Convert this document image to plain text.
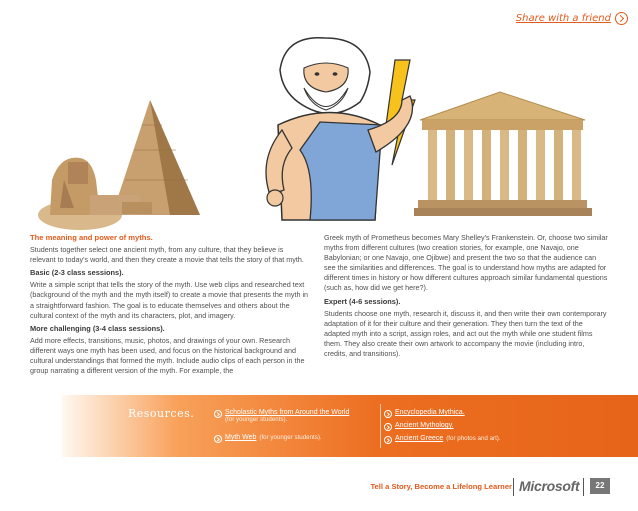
Share with a friend

The meaning and power of myths.

Students together select one ancient myth, from any culture, that they believe is relevant to today's world, and then they create a movie that tells the story of that myth.

Basic (2-3 class sessions).

Write a simple script that tells the story of the myth. Use web clips and researched text (background of the myth and the myth itself) to create a movie that presents the myth in a straightforward fashion. The goal is to educate themselves and others about the cultural context of the myth and its characters, plot, and imagery.

More challenging (3-4 class sessions).

Add more effects, transitions, music, photos, and drawings of your own. Research different ways one myth has been used, and focus on the historical background and cultural understandings that formed the myth. Include audio clips of each person in the group narrating a different version of the myth. For example, the

Greek myth of Prometheus becomes Mary Shelley's Frankenstein. Or, choose two similar myths from different cultures (two creation stories, for example, one Navajo, one Babylonian; or one Navajo, one Ojibwe) and present the two so that the audience can see the similarities and differences. The goal is to understand how myths are adapted for different times in history or how different cultures approach similar fundamental questions (such as, how did we get here?).

Expert (4-6 sessions).

Students choose one myth, research it, discuss it, and then write their own contemporary adaptation of it for their culture and their generation. They then turn the text of the adapted myth into a script, assign roles, and act out the myth while one student films them. They also create their own artwork to accompany the movie (including intro, credits, and transitions).

Resources.	Scholastic Myths from Around the World
(for younger students).
Myth Web (for younger students).
Encyclopedia Mythica.
Ancient Mythology.
Ancient Greece (for photos and art).
Tell a Story, Become a Lifelong Learner Microsoft	22
